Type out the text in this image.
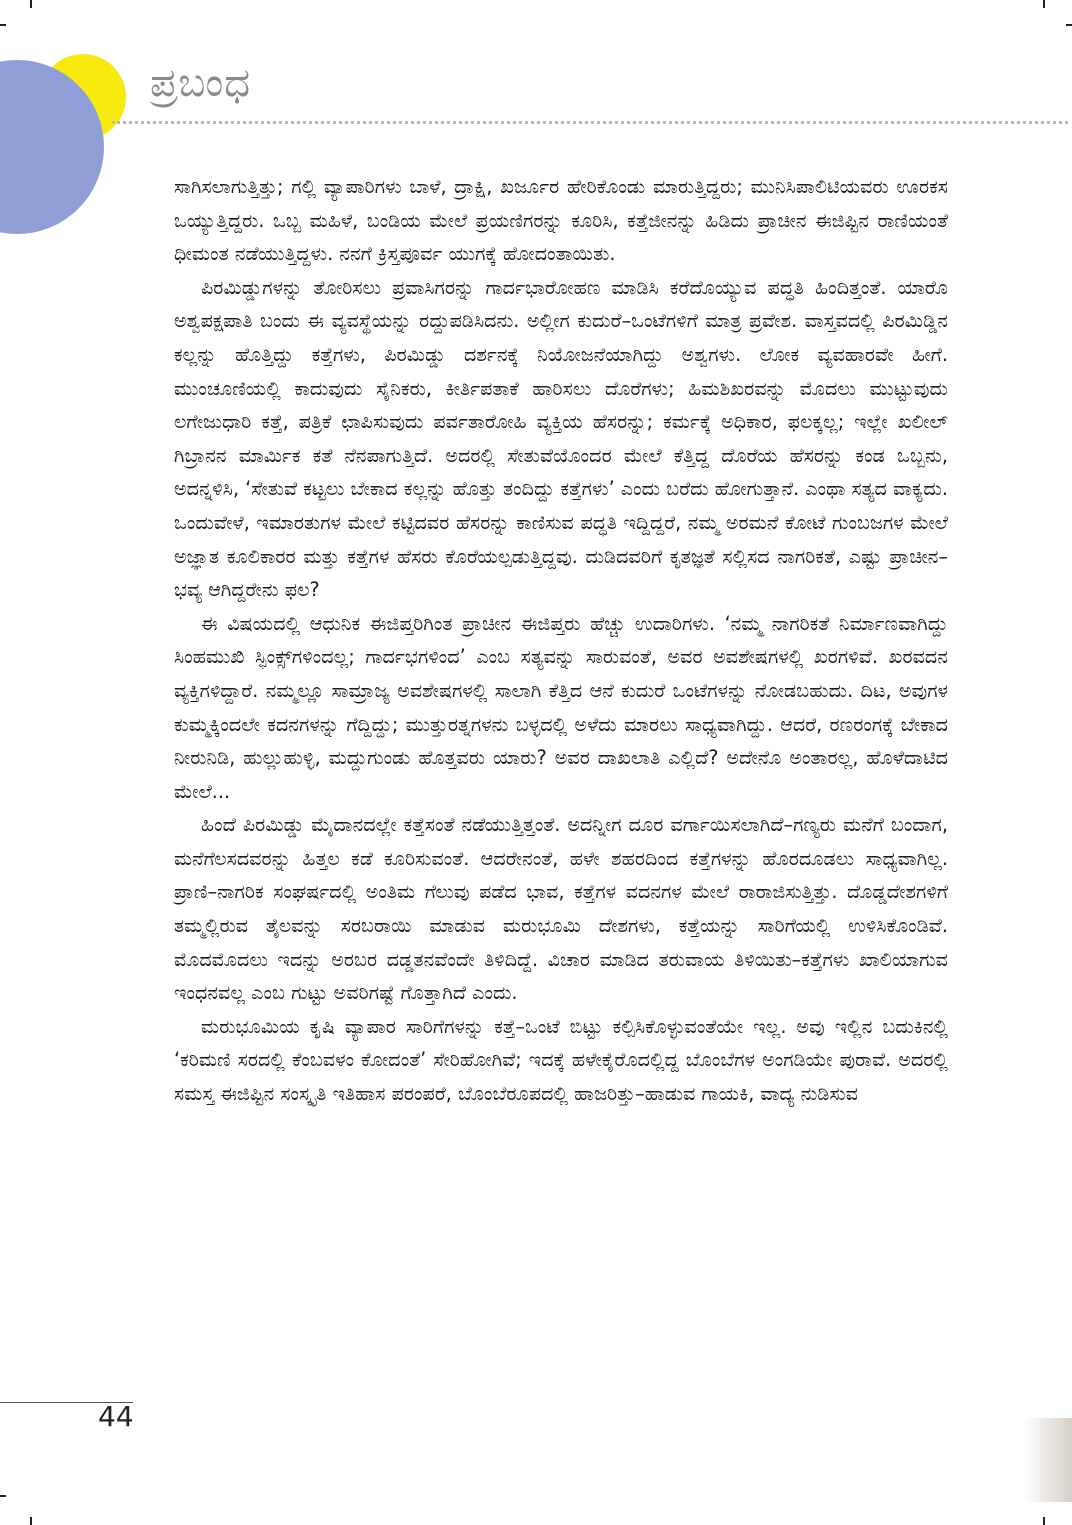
ಪ್ರಬಂಧ

ಸಾಗಿಸಲಾಗುತ್ತಿತ್ತು; ಗಲ್ಲಿ ವ್ಯಾಪಾರಿಗಳು ಬಾಳೆ, ದ್ರಾಕ್ಷಿ, ಖರ್ಜೂರ ಹೇರಿಕೊಂಡು ಮಾರುತ್ತಿದ್ದರು; ಮುನಿಸಿಪಾಲಿಟಿಯವರು ಊರಕಸ ಒಯ್ಯುತ್ತಿದ್ದರು. ಒಬ್ಬ ಮಹಿಳೆ, ಬಂಡಿಯ ಮೇಲೆ ಪ್ರಯಣಿಗರನ್ನು ಕೂರಿಸಿ, ಕತ್ತೆಜೀನನ್ನು ಹಿಡಿದು ಪ್ರಾಚೀನ ಈಜಿಪ್ಟಿನ ರಾಣಿಯಂತೆ ಧೀಮಂತ ನಡೆಯುತ್ತಿದ್ದಳು. ನನಗೆ ಕ್ರಿಸ್ತಪೂರ್ವ ಯುಗಕ್ಕೆ ಹೋದಂತಾಯಿತು.

ಪಿರಮಿಡ್ಡುಗಳನ್ನು ತೋರಿಸಲು ಪ್ರವಾಸಿಗರನ್ನು ಗಾರ್ದಭಾರೋಹಣ ಮಾಡಿಸಿ ಕರೆದೊಯ್ಯುವ ಪದ್ಧತಿ ಹಿಂದಿತ್ತಂತೆ. ಯಾರೊ ಅಶ್ವಪಕ್ಷಪಾತಿ ಬಂದು ಈ ವ್ಯವಸ್ಥೆಯನ್ನು ರದ್ದುಪಡಿಸಿದನು. ಅಲ್ಲೀಗ ಕುದುರೆ–ಒಂಟೆಗಳಿಗೆ ಮಾತ್ರ ಪ್ರವೇಶ. ವಾಸ್ತವದಲ್ಲಿ ಪಿರಮಿಡ್ಡಿನ ಕಲ್ಲನ್ನು ಹೊತ್ತಿದ್ದು ಕತ್ತೆಗಳು, ಪಿರಮಿಡ್ಡು ದರ್ಶನಕ್ಕೆ ನಿಯೋಜನೆಯಾಗಿದ್ದು ಅಶ್ವಗಳು. ಲೋಕ ವ್ಯವಹಾರವೇ ಹೀಗೆ. ಮುಂಚೂಣಿಯಲ್ಲಿ ಕಾದುವುದು ಸೈನಿಕರು, ಕೀರ್ತಿಪತಾಕೆ ಹಾರಿಸಲು ದೊರೆಗಳು; ಹಿಮಶಿಖರವನ್ನು ಮೊದಲು ಮುಟ್ಟುವುದು ಲಗೇಜುಧಾರಿ ಕತ್ತೆ, ಪತ್ರಿಕೆ ಛಾಪಿಸುವುದು ಪರ್ವತಾರೋಹಿ ವ್ಯಕ್ತಿಯ ಹೆಸರನ್ನು; ಕರ್ಮಕ್ಕೆ ಅಧಿಕಾರ, ಫಲಕ್ಕಲ್ಲ; ಇಲ್ಲೇ ಖಲೀಲ್ ಗಿಬ್ರಾನನ ಮಾರ್ಮಿಕ ಕತೆ ನೆನಪಾಗುತ್ತಿದೆ. ಅದರಲ್ಲಿ ಸೇತುವೆಯೊಂದರ ಮೇಲೆ ಕೆತ್ತಿದ್ದ ದೊರೆಯ ಹೆಸರನ್ನು ಕಂಡ ಒಬ್ಬನು, ಅದನ್ನಳಿಸಿ, ‘ಸೇತುವೆ ಕಟ್ಟಲು ಬೇಕಾದ ಕಲ್ಲನ್ನು ಹೊತ್ತು ತಂದಿದ್ದು ಕತ್ತೆಗಳು’ ಎಂದು ಬರೆದು ಹೋಗುತ್ತಾನೆ. ಎಂಥಾ ಸತ್ಯದ ವಾಕ್ಯದು. ಒಂದುವೇಳೆ, ಇಮಾರತುಗಳ ಮೇಲೆ ಕಟ್ಟಿದವರ ಹೆಸರನ್ನು ಕಾಣಿಸುವ ಪದ್ಧತಿ ಇದ್ದಿದ್ದರೆ, ನಮ್ಮ ಅರಮನೆ ಕೋಟೆ ಗುಂಬಜಗಳ ಮೇಲೆ ಅಜ್ಞಾತ ಕೂಲಿಕಾರರ ಮತ್ತು ಕತ್ತೆಗಳ ಹೆಸರು ಕೊರೆಯಲ್ಪಡುತ್ತಿದ್ದವು. ದುಡಿದವರಿಗೆ ಕೃತಜ್ಞತೆ ಸಲ್ಲಿಸದ ನಾಗರಿಕತೆ, ಎಷ್ಟು ಪ್ರಾಚೀನ–ಭವ್ಯ ಆಗಿದ್ದರೇನು ಫಲ?

ಈ ವಿಷಯದಲ್ಲಿ ಆಧುನಿಕ ಈಜಿಪ್ತರಿಗಿಂತ ಪ್ರಾಚೀನ ಈಜಿಪ್ತರು ಹೆಚ್ಚು ಉದಾರಿಗಳು. ‘ನಮ್ಮ ನಾಗರಿಕತೆ ನಿರ್ಮಾಣವಾಗಿದ್ದು ಸಿಂಹಮುಖಿ ಸ್ಫಿಂಕ್ಸ್‌ಗಳಿಂದಲ್ಲ; ಗಾರ್ದಭಗಳಿಂದ’ ಎಂಬ ಸತ್ಯವನ್ನು ಸಾರುವಂತೆ, ಅವರ ಅವಶೇಷಗಳಲ್ಲಿ ಖರಗಳಿವೆ. ಖರವದನ ವ್ಯಕ್ತಿಗಳಿದ್ದಾರೆ. ನಮ್ಮಲ್ಲೂ ಸಾಮ್ರಾಜ್ಯ ಅವಶೇಷಗಳಲ್ಲಿ ಸಾಲಾಗಿ ಕೆತ್ತಿದ ಆನೆ ಕುದುರೆ ಒಂಟೆಗಳನ್ನು ನೋಡಬಹುದು. ದಿಟ, ಅವುಗಳ ಕುಮ್ಮಕ್ಕಿಂದಲೇ ಕದನಗಳನ್ನು ಗೆದ್ದಿದ್ದು; ಮುತ್ತುರತ್ನಗಳನು ಬಳ್ಳದಲ್ಲಿ ಅಳೆದು ಮಾರಲು ಸಾಧ್ಯವಾಗಿದ್ದು. ಆದರೆ, ರಣರಂಗಕ್ಕೆ ಬೇಕಾದ ನೀರುನಿಡಿ, ಹುಲ್ಲುಹುಳ್ಳಿ, ಮದ್ದುಗುಂಡು ಹೊತ್ತವರು ಯಾರು? ಅವರ ದಾಖಲಾತಿ ಎಲ್ಲಿದೆ? ಅದೇನೊ ಅಂತಾರಲ್ಲ, ಹೊಳೆದಾಟಿದ ಮೇಲೆ...

ಹಿಂದೆ ಪಿರಮಿಡ್ಡು ಮೈದಾನದಲ್ಲೇ ಕತ್ತೆಸಂತೆ ನಡೆಯುತ್ತಿತ್ತಂತೆ. ಅದನ್ನೀಗ ದೂರ ವರ್ಗಾಯಿಸಲಾಗಿದೆ–ಗಣ್ಯರು ಮನೆಗೆ ಬಂದಾಗ, ಮನೆಗೆಲಸದವರನ್ನು ಹಿತ್ತಲ ಕಡೆ ಕೂರಿಸುವಂತೆ. ಆದರೇನಂತೆ, ಹಳೇ ಶಹರದಿಂದ ಕತ್ತೆಗಳನ್ನು ಹೊರದೂಡಲು ಸಾಧ್ಯವಾಗಿಲ್ಲ. ಪ್ರಾಣಿ–ನಾಗರಿಕ ಸಂಘರ್ಷದಲ್ಲಿ ಅಂತಿಮ ಗೆಲುವು ಪಡೆದ ಭಾವ, ಕತ್ತೆಗಳ ವದನಗಳ ಮೇಲೆ ರಾರಾಜಿಸುತ್ತಿತ್ತು. ದೊಡ್ಡದೇಶಗಳಿಗೆ ತಮ್ಮಲ್ಲಿರುವ ತೈಲವನ್ನು ಸರಬರಾಯಿ ಮಾಡುವ ಮರುಭೂಮಿ ದೇಶಗಳು, ಕತ್ತೆಯನ್ನು ಸಾರಿಗೆಯಲ್ಲಿ ಉಳಿಸಿಕೊಂಡಿವೆ. ಮೊದಮೊದಲು ಇದನ್ನು ಅರಬರ ದಡ್ಡತನವೆಂದೇ ತಿಳಿದಿದ್ದೆ. ವಿಚಾರ ಮಾಡಿದ ತರುವಾಯ ತಿಳಿಯಿತು–ಕತ್ತೆಗಳು ಖಾಲಿಯಾಗುವ ಇಂಧನವಲ್ಲ ಎಂಬ ಗುಟ್ಟು ಅವರಿಗಷ್ಟೆ ಗೊತ್ತಾಗಿದೆ ಎಂದು.

ಮರುಭೂಮಿಯ ಕೃಷಿ ವ್ಯಾಪಾರ ಸಾರಿಗೆಗಳನ್ನು ಕತ್ತೆ–ಒಂಟೆ ಬಿಟ್ಟು ಕಲ್ಪಿಸಿಕೊಳ್ಳುವಂತೆಯೇ ಇಲ್ಲ. ಅವು ಇಲ್ಲಿನ ಬದುಕಿನಲ್ಲಿ ‘ಕರಿಮಣಿ ಸರದಲ್ಲಿ ಕೆಂಬವಳಂ ಕೋದಂತೆ’ ಸೇರಿಹೋಗಿವೆ; ಇದಕ್ಕೆ ಹಳೇಕೈರೊದಲ್ಲಿದ್ದ ಬೊಂಬೆಗಳ ಅಂಗಡಿಯೇ ಪುರಾವೆ. ಅದರಲ್ಲಿ ಸಮಸ್ತ ಈಜಿಪ್ಟಿನ ಸಂಸ್ಕೃತಿ ಇತಿಹಾಸ ಪರಂಪರೆ, ಬೊಂಬೆರೂಪದಲ್ಲಿ ಹಾಜರಿತ್ತು–ಹಾಡುವ ಗಾಯಕಿ, ವಾದ್ಯ ನುಡಿಸುವ

44
